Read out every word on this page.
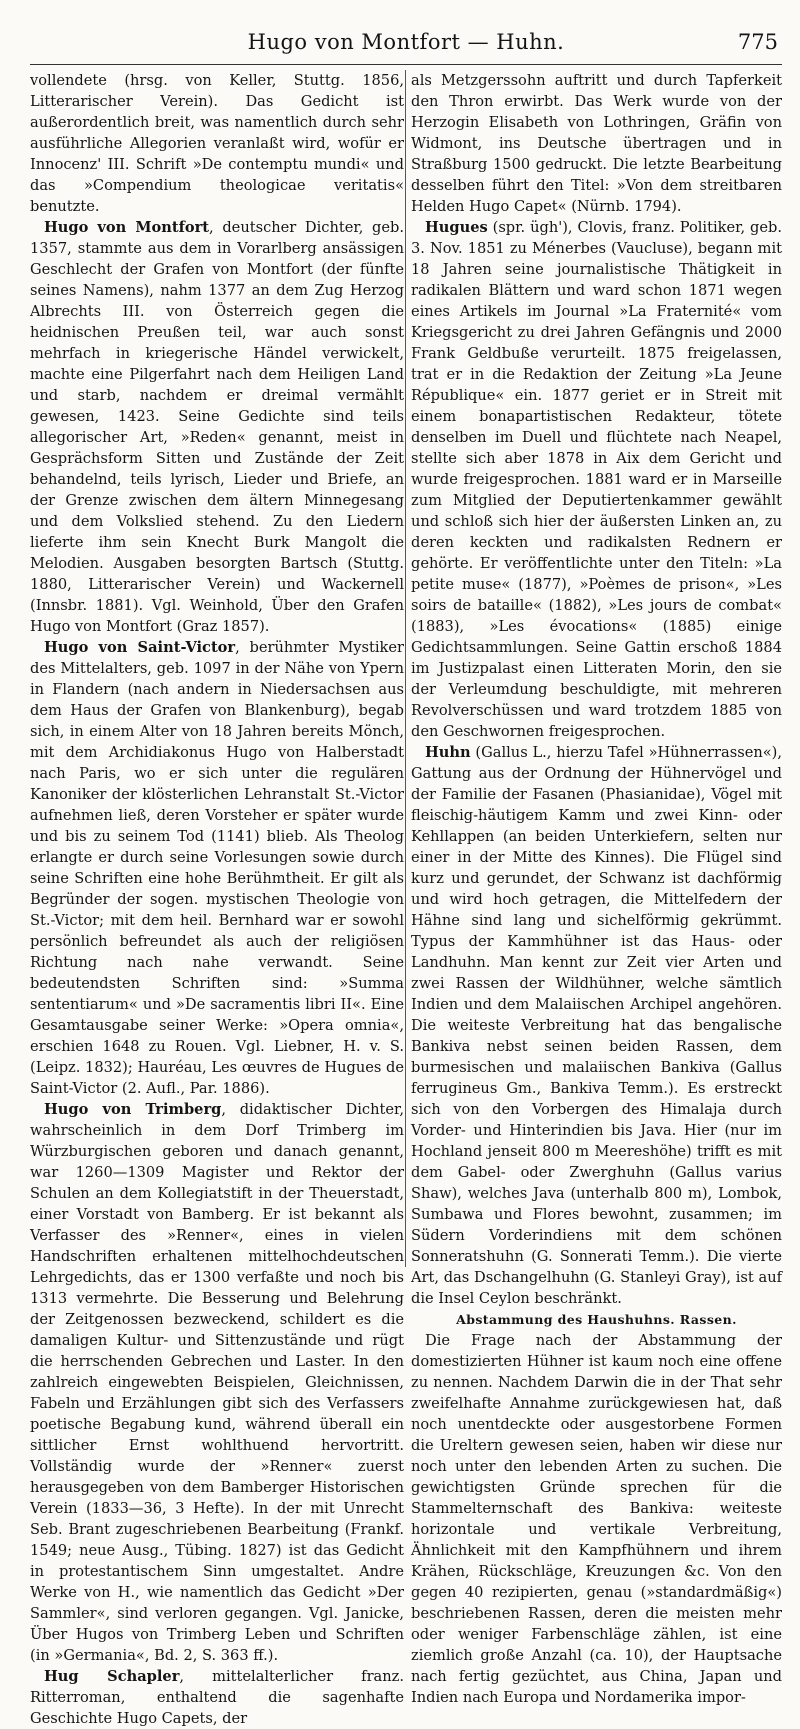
Hugo von Montfort — Huhn.	775

vollendete (hrsg. von Keller, Stuttg. 1856, Litterarischer Verein). Das Gedicht ist außerordentlich breit, was namentlich durch sehr ausführliche Allegorien veranlaßt wird, wofür er Innocenz' III. Schrift »De contemptu mundi« und das »Compendium theologicae veritatis« benutzte.

Hugo von Montfort, deutscher Dichter, geb. 1357, stammte aus dem in Vorarlberg ansässigen Geschlecht der Grafen von Montfort (der fünfte seines Namens), nahm 1377 an dem Zug Herzog Albrechts III. von Österreich gegen die heidnischen Preußen teil, war auch sonst mehrfach in kriegerische Händel verwickelt, machte eine Pilgerfahrt nach dem Heiligen Land und starb, nachdem er dreimal vermählt gewesen, 1423. Seine Gedichte sind teils allegorischer Art, »Reden« genannt, meist in Gesprächsform Sitten und Zustände der Zeit behandelnd, teils lyrisch, Lieder und Briefe, an der Grenze zwischen dem ältern Minnegesang und dem Volkslied stehend. Zu den Liedern lieferte ihm sein Knecht Burk Mangolt die Melodien. Ausgaben besorgten Bartsch (Stuttg. 1880, Litterarischer Verein) und Wackernell (Innsbr. 1881). Vgl. Weinhold, Über den Grafen Hugo von Montfort (Graz 1857).

Hugo von Saint-Victor, berühmter Mystiker des Mittelalters, geb. 1097 in der Nähe von Ypern in Flandern (nach andern in Niedersachsen aus dem Haus der Grafen von Blankenburg), begab sich, in einem Alter von 18 Jahren bereits Mönch, mit dem Archidiakonus Hugo von Halberstadt nach Paris, wo er sich unter die regulären Kanoniker der klösterlichen Lehranstalt St.-Victor aufnehmen ließ, deren Vorsteher er später wurde und bis zu seinem Tod (1141) blieb. Als Theolog erlangte er durch seine Vorlesungen sowie durch seine Schriften eine hohe Berühmtheit. Er gilt als Begründer der sogen. mystischen Theologie von St.-Victor; mit dem heil. Bernhard war er sowohl persönlich befreundet als auch der religiösen Richtung nach nahe verwandt. Seine bedeutendsten Schriften sind: »Summa sententiarum« und »De sacramentis libri II«. Eine Gesamtausgabe seiner Werke: »Opera omnia«, erschien 1648 zu Rouen. Vgl. Liebner, H. v. S. (Leipz. 1832); Hauréau, Les œuvres de Hugues de Saint-Victor (2. Aufl., Par. 1886).

Hugo von Trimberg, didaktischer Dichter, wahrscheinlich in dem Dorf Trimberg im Würzburgischen geboren und danach genannt, war 1260—1309 Magister und Rektor der Schulen an dem Kollegiatstift in der Theuerstadt, einer Vorstadt von Bamberg. Er ist bekannt als Verfasser des »Renner«, eines in vielen Handschriften erhaltenen mittelhochdeutschen Lehrgedichts, das er 1300 verfaßte und noch bis 1313 vermehrte. Die Besserung und Belehrung der Zeitgenossen bezweckend, schildert es die damaligen Kultur- und Sittenzustände und rügt die herrschenden Gebrechen und Laster. In den zahlreich eingewebten Beispielen, Gleichnissen, Fabeln und Erzählungen gibt sich des Verfassers poetische Begabung kund, während überall ein sittlicher Ernst wohlthuend hervortritt. Vollständig wurde der »Renner« zuerst herausgegeben von dem Bamberger Historischen Verein (1833—36, 3 Hefte). In der mit Unrecht Seb. Brant zugeschriebenen Bearbeitung (Frankf. 1549; neue Ausg., Tübing. 1827) ist das Gedicht in protestantischem Sinn umgestaltet. Andre Werke von H., wie namentlich das Gedicht »Der Sammler«, sind verloren gegangen. Vgl. Janicke, Über Hugos von Trimberg Leben und Schriften (in »Germania«, Bd. 2, S. 363 ff.).

Hug Schapler, mittelalterlicher franz. Ritterroman, enthaltend die sagenhafte Geschichte Hugo Capets, der

als Metzgerssohn auftritt und durch Tapferkeit den Thron erwirbt. Das Werk wurde von der Herzogin Elisabeth von Lothringen, Gräfin von Widmont, ins Deutsche übertragen und in Straßburg 1500 gedruckt. Die letzte Bearbeitung desselben führt den Titel: »Von dem streitbaren Helden Hugo Capet« (Nürnb. 1794).

Hugues (spr. ügh'), Clovis, franz. Politiker, geb. 3. Nov. 1851 zu Ménerbes (Vaucluse), begann mit 18 Jahren seine journalistische Thätigkeit in radikalen Blättern und ward schon 1871 wegen eines Artikels im Journal »La Fraternité« vom Kriegsgericht zu drei Jahren Gefängnis und 2000 Frank Geldbuße verurteilt. 1875 freigelassen, trat er in die Redaktion der Zeitung »La Jeune République« ein. 1877 geriet er in Streit mit einem bonapartistischen Redakteur, tötete denselben im Duell und flüchtete nach Neapel, stellte sich aber 1878 in Aix dem Gericht und wurde freigesprochen. 1881 ward er in Marseille zum Mitglied der Deputiertenkammer gewählt und schloß sich hier der äußersten Linken an, zu deren keckten und radikalsten Rednern er gehörte. Er veröffentlichte unter den Titeln: »La petite muse« (1877), »Poèmes de prison«, »Les soirs de bataille« (1882), »Les jours de combat« (1883), »Les évocations« (1885) einige Gedichtsammlungen. Seine Gattin erschoß 1884 im Justizpalast einen Litteraten Morin, den sie der Verleumdung beschuldigte, mit mehreren Revolverschüssen und ward trotzdem 1885 von den Geschwornen freigesprochen.

Huhn (Gallus L., hierzu Tafel »Hühnerrassen«), Gattung aus der Ordnung der Hühnervögel und der Familie der Fasanen (Phasianidae), Vögel mit fleischig-häutigem Kamm und zwei Kinn- oder Kehllappen (an beiden Unterkiefern, selten nur einer in der Mitte des Kinnes). Die Flügel sind kurz und gerundet, der Schwanz ist dachförmig und wird hoch getragen, die Mittelfedern der Hähne sind lang und sichelförmig gekrümmt. Typus der Kammhühner ist das Haus- oder Landhuhn. Man kennt zur Zeit vier Arten und zwei Rassen der Wildhühner, welche sämtlich Indien und dem Malaiischen Archipel angehören. Die weiteste Verbreitung hat das bengalische Bankiva nebst seinen beiden Rassen, dem burmesischen und malaiischen Bankiva (Gallus ferrugineus Gm., Bankiva Temm.). Es erstreckt sich von den Vorbergen des Himalaja durch Vorder- und Hinterindien bis Java. Hier (nur im Hochland jenseit 800 m Meereshöhe) trifft es mit dem Gabel- oder Zwerghuhn (Gallus varius Shaw), welches Java (unterhalb 800 m), Lombok, Sumbawa und Flores bewohnt, zusammen; im Südern Vorderindiens mit dem schönen Sonneratshuhn (G. Sonnerati Temm.). Die vierte Art, das Dschangelhuhn (G. Stanleyi Gray), ist auf die Insel Ceylon beschränkt.

Abstammung des Haushuhns. Rassen.

Die Frage nach der Abstammung der domestizierten Hühner ist kaum noch eine offene zu nennen. Nachdem Darwin die in der That sehr zweifelhafte Annahme zurückgewiesen hat, daß noch unentdeckte oder ausgestorbene Formen die Ureltern gewesen seien, haben wir diese nur noch unter den lebenden Arten zu suchen. Die gewichtigsten Gründe sprechen für die Stammelternschaft des Bankiva: weiteste horizontale und vertikale Verbreitung, Ähnlichkeit mit den Kampfhühnern und ihrem Krähen, Rückschläge, Kreuzungen &c. Von den gegen 40 rezipierten, genau (»standardmäßig«) beschriebenen Rassen, deren die meisten mehr oder weniger Farbenschläge zählen, ist eine ziemlich große Anzahl (ca. 10), der Hauptsache nach fertig gezüchtet, aus China, Japan und Indien nach Europa und Nordamerika impor-
